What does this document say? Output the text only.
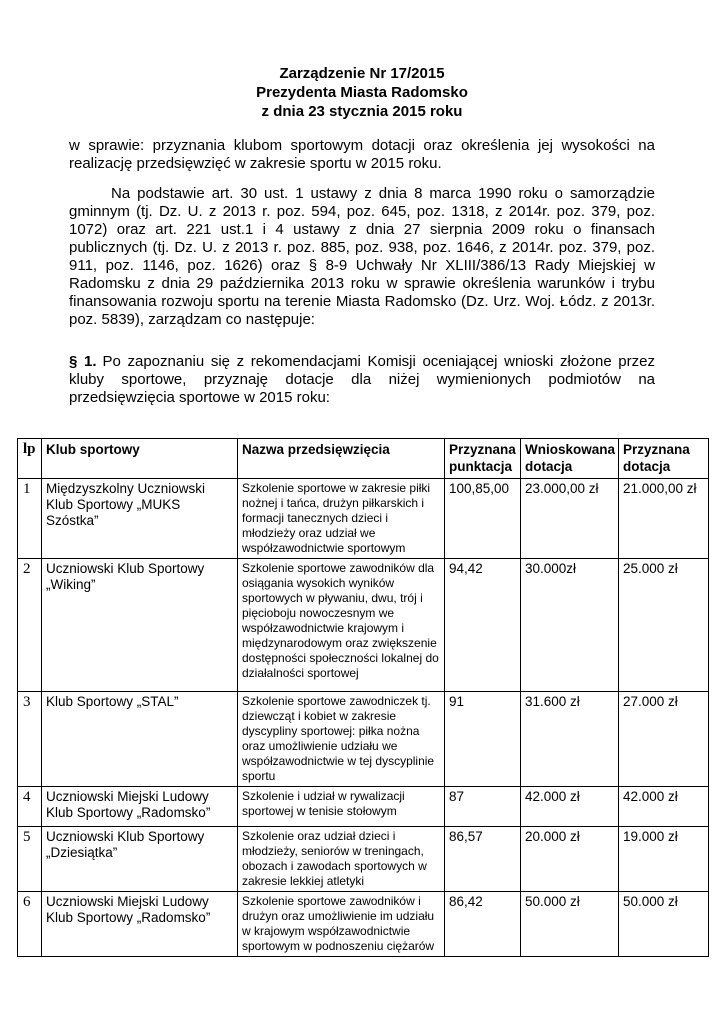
Zarządzenie Nr 17/2015
Prezydenta Miasta Radomsko
z dnia 23 stycznia 2015 roku

w sprawie: przyznania klubom sportowym dotacji oraz określenia jej wysokości na realizację przedsięwzięć w zakresie sportu w 2015 roku.

Na podstawie art. 30 ust. 1 ustawy z dnia 8 marca 1990 roku o samorządzie gminnym (tj. Dz. U. z 2013 r. poz. 594, poz. 645, poz. 1318, z 2014r. poz. 379, poz. 1072) oraz art. 221 ust.1 i 4 ustawy z dnia 27 sierpnia 2009 roku o finansach publicznych (tj. Dz. U. z 2013 r. poz. 885, poz. 938, poz. 1646, z 2014r. poz. 379, poz. 911, poz. 1146, poz. 1626) oraz § 8-9 Uchwały Nr XLIII/386/13 Rady Miejskiej w Radomsku z dnia 29 października 2013 roku w sprawie określenia warunków i trybu finansowania rozwoju sportu na terenie Miasta Radomsko (Dz. Urz. Woj. Łódz. z 2013r. poz. 5839), zarządzam co następuje:

§ 1. Po zapoznaniu się z rekomendacjami Komisji oceniającej wnioski złożone przez kluby sportowe, przyznaję dotacje dla niżej wymienionych podmiotów na przedsięwzięcia sportowe w 2015 roku:

lp	Klub sportowy	Nazwa przedsięwzięcia	Przyznana punktacja	Wnioskowana dotacja	Przyznana dotacja
1	Międzyszkolny Uczniowski Klub Sportowy „MUKS Szóstka”	Szkolenie sportowe w zakresie piłki nożnej i tańca, drużyn piłkarskich i formacji tanecznych dzieci i młodzieży oraz udział we współzawodnictwie sportowym	100,85,00	23.000,00 zł	21.000,00 zł
2	Uczniowski Klub Sportowy „Wiking”	Szkolenie sportowe zawodników dla osiągania wysokich wyników sportowych w pływaniu, dwu, trój i pięcioboju nowoczesnym we współzawodnictwie krajowym i międzynarodowym oraz zwiększenie dostępności społeczności lokalnej do działalności sportowej	94,42	30.000zł	25.000 zł
3	Klub Sportowy „STAL”	Szkolenie sportowe zawodniczek tj. dziewcząt i kobiet w zakresie dyscypliny sportowej: piłka nożna oraz umożliwienie udziału we współzawodnictwie w tej dyscyplinie sportu	91	31.600 zł	27.000 zł
4	Uczniowski Miejski Ludowy Klub Sportowy „Radomsko”	Szkolenie i udział w rywalizacji sportowej w tenisie stołowym	87	42.000 zł	42.000 zł
5	Uczniowski Klub Sportowy „Dziesiątka”	Szkolenie oraz udział dzieci i młodzieży, seniorów w treningach, obozach i zawodach sportowych w zakresie lekkiej atletyki	86,57	20.000 zł	19.000 zł
6	Uczniowski Miejski Ludowy Klub Sportowy „Radomsko”	Szkolenie sportowe zawodników i drużyn oraz umożliwienie im udziału w krajowym współzawodnictwie sportowym w podnoszeniu ciężarów	86,42	50.000 zł	50.000 zł
